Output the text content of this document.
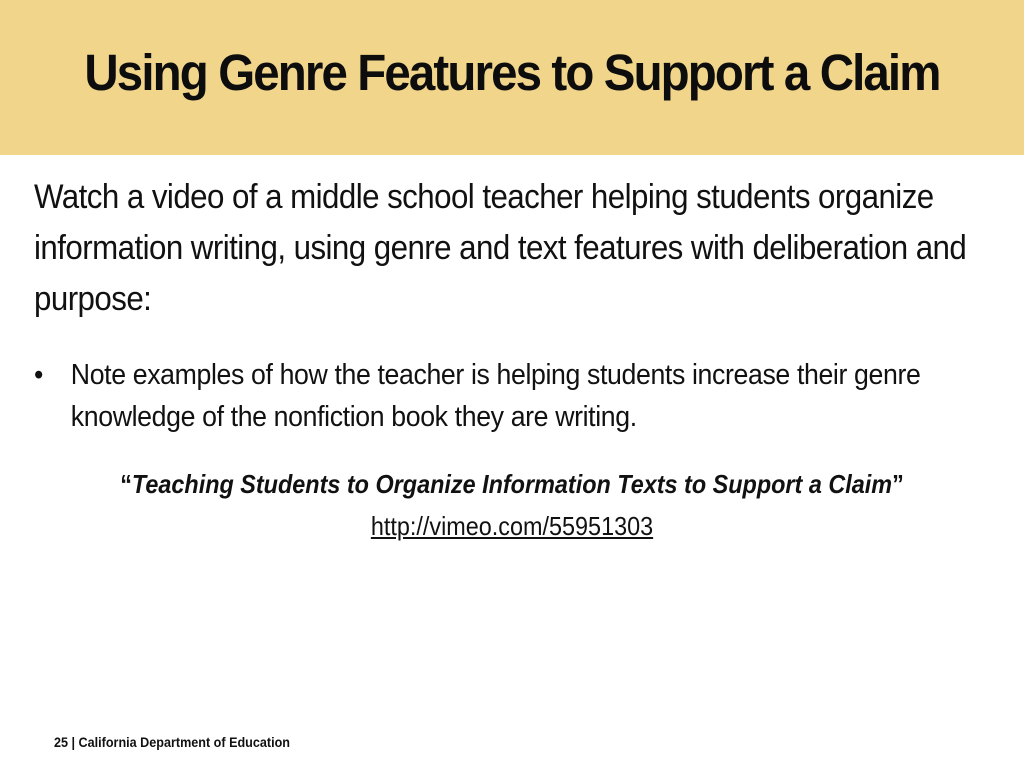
Using Genre Features to Support a Claim
Watch a video of a middle school teacher helping students organize information writing, using genre and text features with deliberation and purpose:
• Note examples of how the teacher is helping students increase their genre knowledge of the nonfiction book they are writing.
“Teaching Students to Organize Information Texts to Support a Claim”
http://vimeo.com/55951303
25 | California Department of Education
